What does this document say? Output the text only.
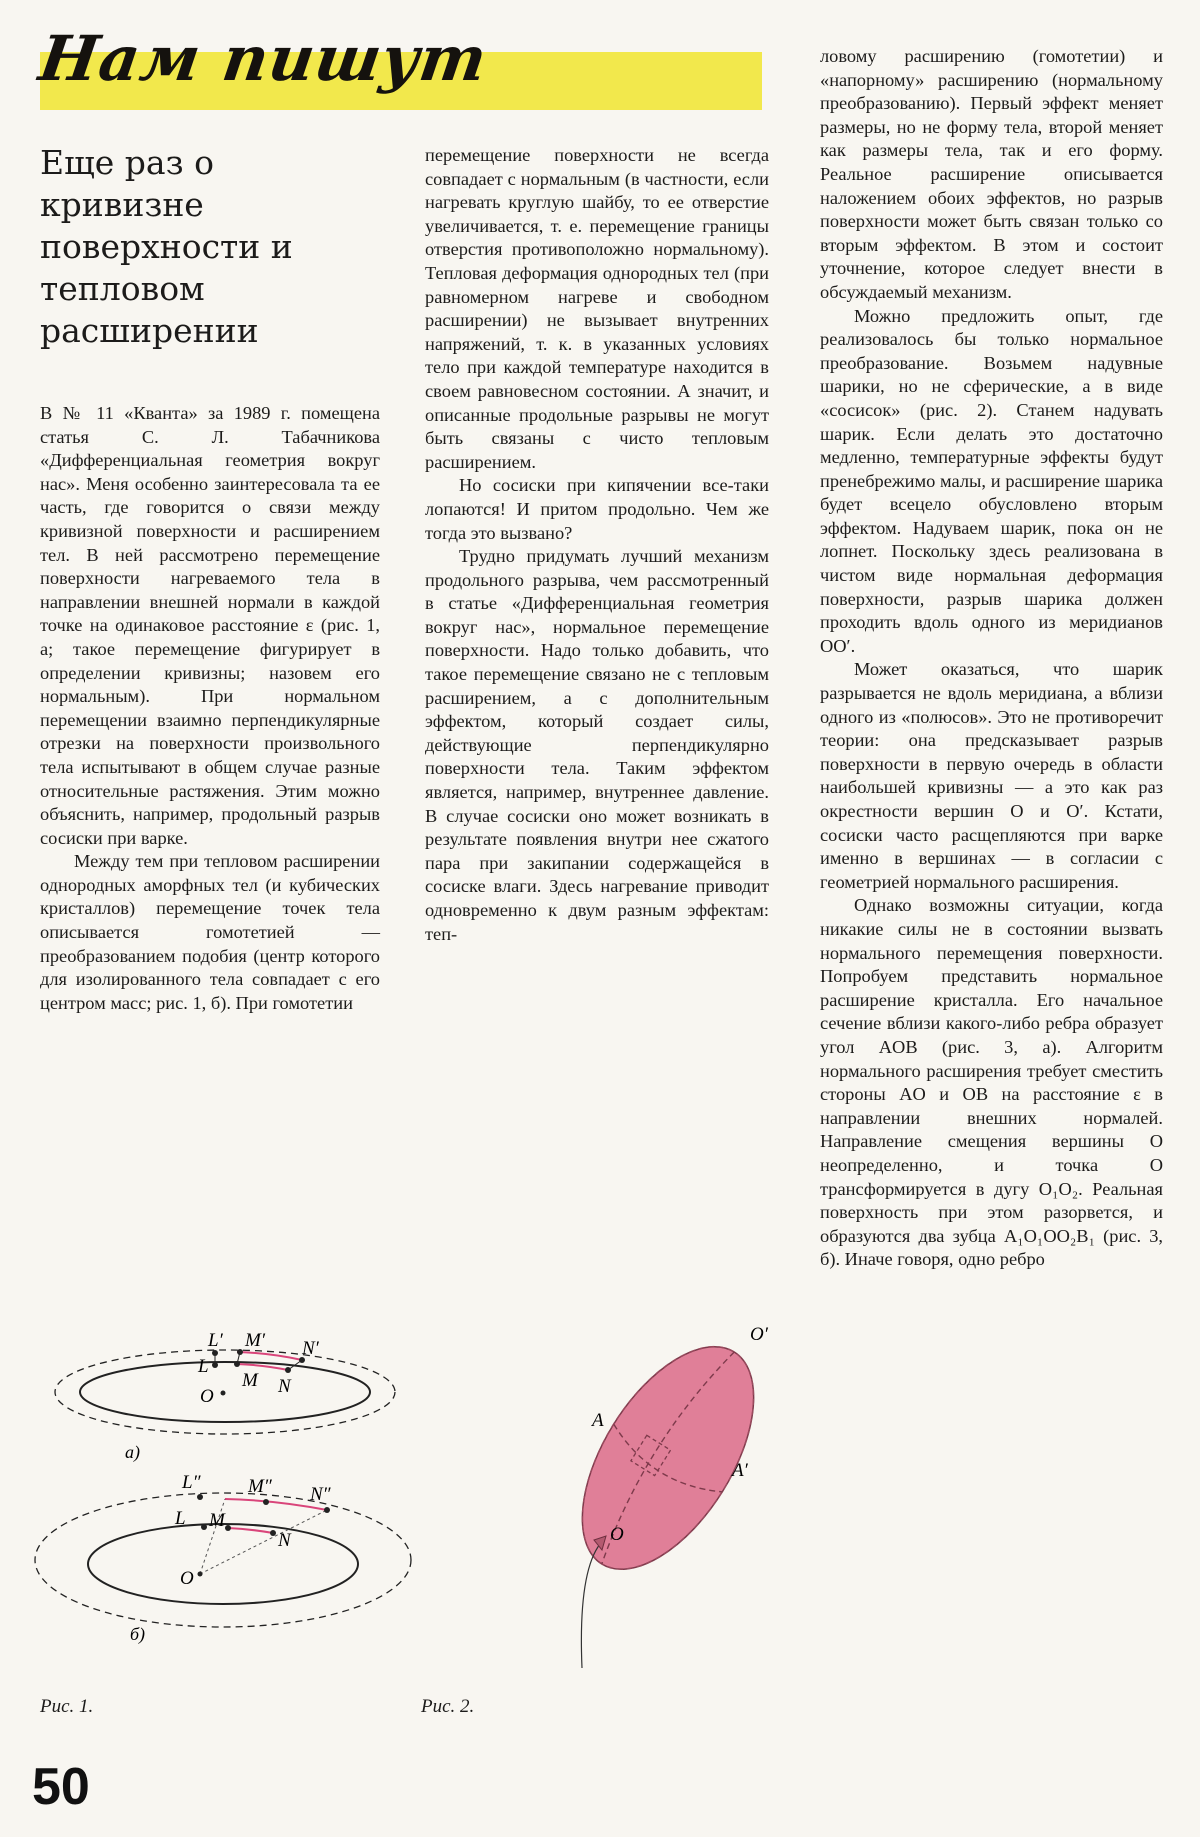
Нам пишут
Еще раз о кривизне поверхности и тепловом расширении

В № 11 «Кванта» за 1989 г. помещена статья С. Л. Табачникова «Дифференциальная геометрия вокруг нас». Меня особенно заинтересовала та ее часть, где говорится о связи между кривизной поверхности и расширением тел. В ней рассмотрено перемещение поверхности нагреваемого тела в направлении внешней нормали в каждой точке на одинаковое расстояние ε (рис. 1, а; такое перемещение фигурирует в определении кривизны; назовем его нормальным). При нормальном перемещении взаимно перпендикулярные отрезки на поверхности произвольного тела испытывают в общем случае разные относительные растяжения. Этим можно объяснить, например, продольный разрыв сосиски при варке.

Между тем при тепловом расширении однородных аморфных тел (и кубических кристаллов) перемещение точек тела описывается гомотетией — преобразованием подобия (центр которого для изолированного тела совпадает с его центром масс; рис. 1, б). При гомотетии

перемещение поверхности не всегда совпадает с нормальным (в частности, если нагревать круглую шайбу, то ее отверстие увеличивается, т. е. перемещение границы отверстия противоположно нормальному). Тепловая деформация однородных тел (при равномерном нагреве и свободном расширении) не вызывает внутренних напряжений, т. к. в указанных условиях тело при каждой температуре находится в своем равновесном состоянии. А значит, и описанные продольные разрывы не могут быть связаны с чисто тепловым расширением.

Но сосиски при кипячении все-таки лопаются! И притом продольно. Чем же тогда это вызвано?

Трудно придумать лучший механизм продольного разрыва, чем рассмотренный в статье «Дифференциальная геометрия вокруг нас», нормальное перемещение поверхности. Надо только добавить, что такое перемещение связано не с тепловым расширением, а с дополнительным эффектом, который создает силы, действующие перпендикулярно поверхности тела. Таким эффектом является, например, внутреннее давление. В случае сосиски оно может возникать в результате появления внутри нее сжатого пара при закипании содержащейся в сосиске влаги. Здесь нагревание приводит одновременно к двум разным эффектам: теп-

ловому расширению (гомотетии) и «напорному» расширению (нормальному преобразованию). Первый эффект меняет размеры, но не форму тела, второй меняет как размеры тела, так и его форму. Реальное расширение описывается наложением обоих эффектов, но разрыв поверхности может быть связан только со вторым эффектом. В этом и состоит уточнение, которое следует внести в обсуждаемый механизм.

Можно предложить опыт, где реализовалось бы только нормальное преобразование. Возьмем надувные шарики, но не сферические, а в виде «сосисок» (рис. 2). Станем надувать шарик. Если делать это достаточно медленно, температурные эффекты будут пренебрежимо малы, и расширение шарика будет всецело обусловлено вторым эффектом. Надуваем шарик, пока он не лопнет. Поскольку здесь реализована в чистом виде нормальная деформация поверхности, разрыв шарика должен проходить вдоль одного из меридианов OO′.

Может оказаться, что шарик разрывается не вдоль меридиана, а вблизи одного из «полюсов». Это не противоречит теории: она предсказывает разрыв поверхности в первую очередь в области наибольшей кривизны — а это как раз окрестности вершин O и O′. Кстати, сосиски часто расщепляются при варке именно в вершинах — в согласии с геометрией нормального расширения.

Однако возможны ситуации, когда никакие силы не в состоянии вызвать нормального перемещения поверхности. Попробуем представить нормальное расширение кристалла. Его начальное сечение вблизи какого-либо ребра образует угол AOB (рис. 3, а). Алгоритм нормального расширения требует сместить стороны AO и OB на расстояние ε в направлении внешних нормалей. Направление смещения вершины O неопределенно, и точка O трансформируется в дугу O₁O₂. Реальная поверхность при этом разорвется, и образуются два зубца A₁O₁OO₂B₁ (рис. 3, б). Иначе говоря, одно ребро

L′ M′ N′
L
M N
O
а)
L″	M″ N″
L M
N
O
б)
Рис. 1.
O′
A
A′
O
Рис. 2.
50
